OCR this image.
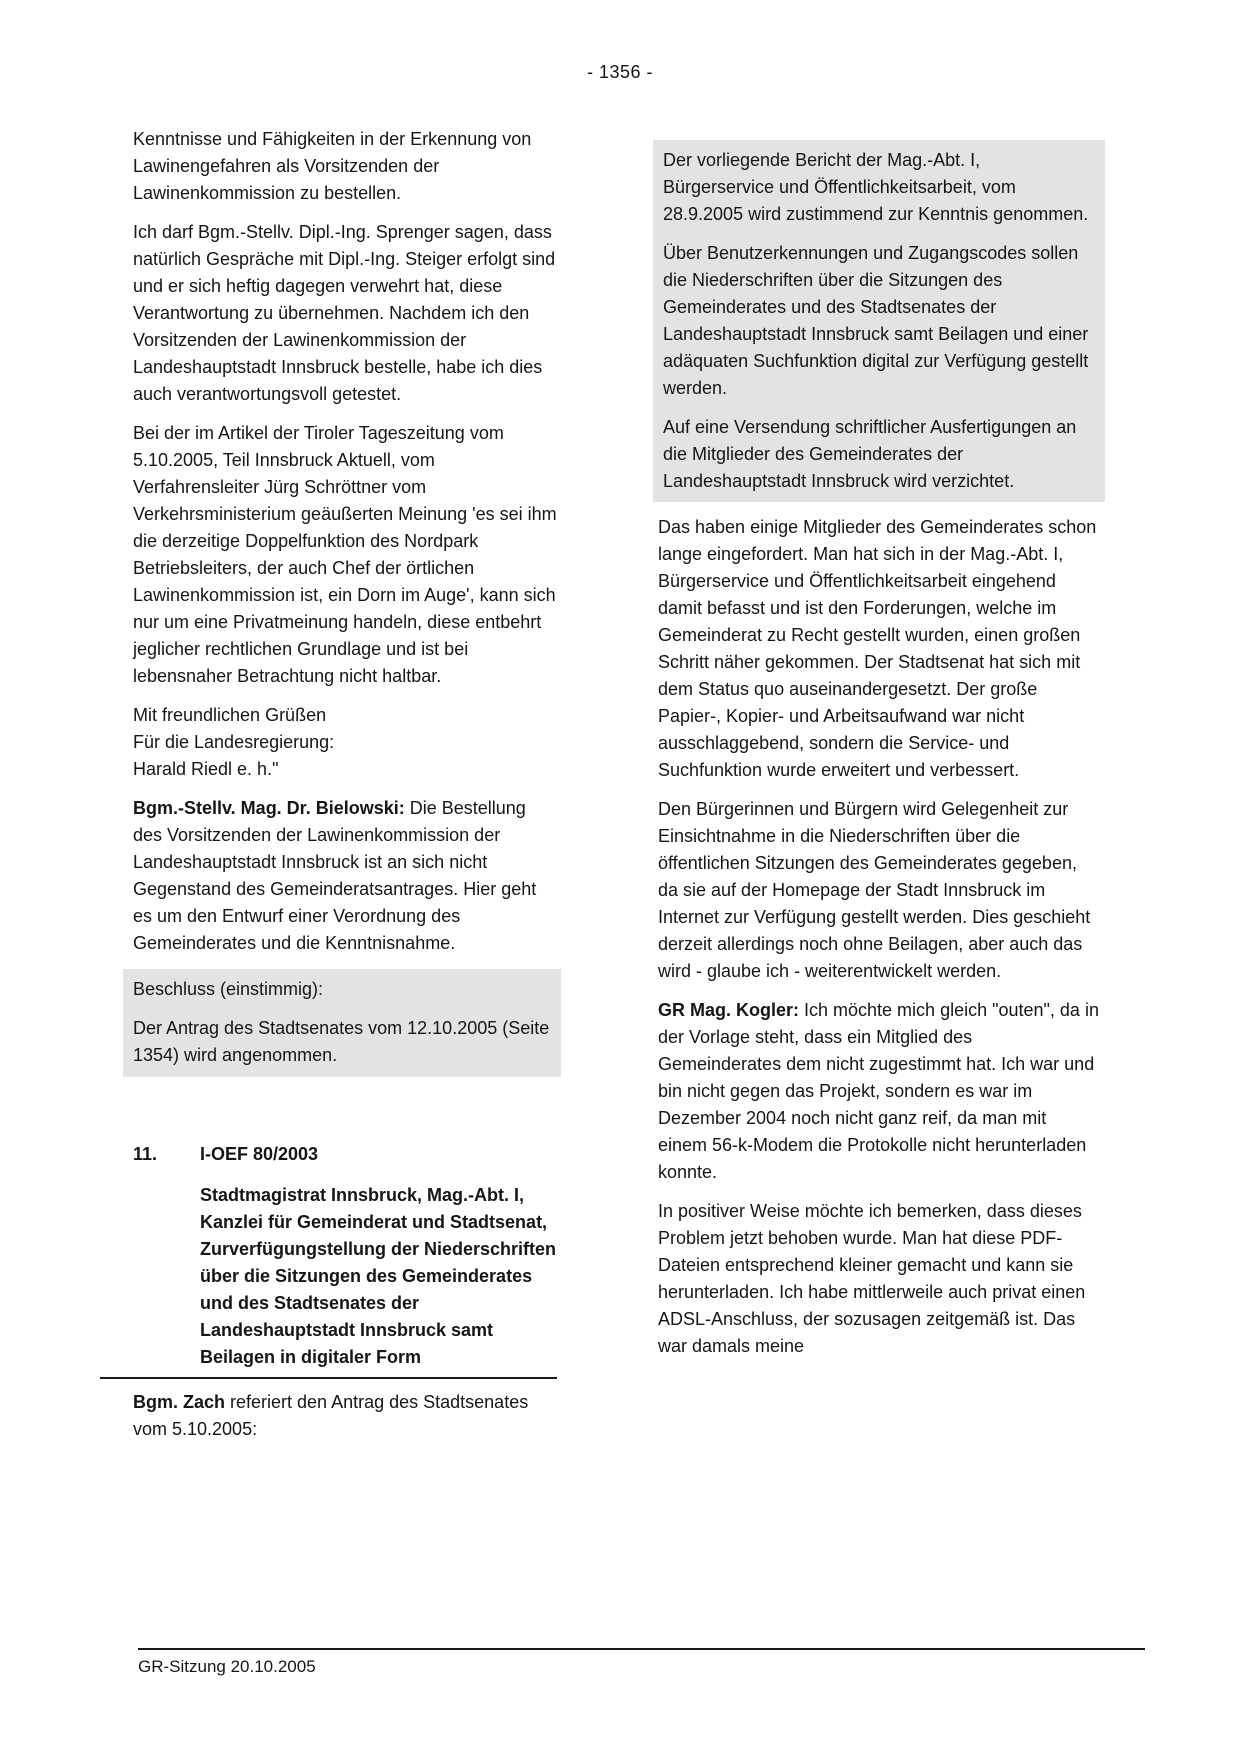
- 1356 -

Kenntnisse und Fähigkeiten in der Erkennung von Lawinengefahren als Vorsitzenden der Lawinenkommission zu bestellen.

Ich darf Bgm.-Stellv. Dipl.-Ing. Sprenger sagen, dass natürlich Gespräche mit Dipl.-Ing. Steiger erfolgt sind und er sich heftig dagegen verwehrt hat, diese Verantwortung zu übernehmen. Nachdem ich den Vorsitzenden der Lawinenkommission der Landeshauptstadt Innsbruck bestelle, habe ich dies auch verantwortungsvoll getestet.

Bei der im Artikel der Tiroler Tageszeitung vom 5.10.2005, Teil Innsbruck Aktuell, vom Verfahrensleiter Jürg Schröttner vom Verkehrsministerium geäußerten Meinung 'es sei ihm die derzeitige Doppelfunktion des Nordpark Betriebsleiters, der auch Chef der örtlichen Lawinenkommission ist, ein Dorn im Auge', kann sich nur um eine Privatmeinung handeln, diese entbehrt jeglicher rechtlichen Grundlage und ist bei lebensnaher Betrachtung nicht haltbar.

Mit freundlichen Grüßen
Für die Landesregierung:
Harald Riedl e. h."

Bgm.-Stellv. Mag. Dr. Bielowski: Die Bestellung des Vorsitzenden der Lawinenkommission der Landeshauptstadt Innsbruck ist an sich nicht Gegenstand des Gemeinderatsantrages. Hier geht es um den Entwurf einer Verordnung des Gemeinderates und die Kenntnisnahme.

Beschluss (einstimmig):

Der Antrag des Stadtsenates vom 12.10.2005 (Seite 1354) wird angenommen.

11.	I-OEF 80/2003
Stadtmagistrat Innsbruck, Mag.-Abt. I, Kanzlei für Gemeinderat und Stadtsenat, Zurverfügungstellung der Niederschriften über die Sitzungen des Gemeinderates und des Stadtsenates der Landeshauptstadt Innsbruck samt Beilagen in digitaler Form

Bgm. Zach referiert den Antrag des Stadtsenates vom 5.10.2005:

Der vorliegende Bericht der Mag.-Abt. I, Bürgerservice und Öffentlichkeitsarbeit, vom 28.9.2005 wird zustimmend zur Kenntnis genommen.

Über Benutzerkennungen und Zugangscodes sollen die Niederschriften über die Sitzungen des Gemeinderates und des Stadtsenates der Landeshauptstadt Innsbruck samt Beilagen und einer adäquaten Suchfunktion digital zur Verfügung gestellt werden.

Auf eine Versendung schriftlicher Ausfertigungen an die Mitglieder des Gemeinderates der Landeshauptstadt Innsbruck wird verzichtet.

Das haben einige Mitglieder des Gemeinderates schon lange eingefordert. Man hat sich in der Mag.-Abt. I, Bürgerservice und Öffentlichkeitsarbeit eingehend damit befasst und ist den Forderungen, welche im Gemeinderat zu Recht gestellt wurden, einen großen Schritt näher gekommen. Der Stadtsenat hat sich mit dem Status quo auseinandergesetzt. Der große Papier-, Kopier- und Arbeitsaufwand war nicht ausschlaggebend, sondern die Service- und Suchfunktion wurde erweitert und verbessert.

Den Bürgerinnen und Bürgern wird Gelegenheit zur Einsichtnahme in die Niederschriften über die öffentlichen Sitzungen des Gemeinderates gegeben, da sie auf der Homepage der Stadt Innsbruck im Internet zur Verfügung gestellt werden. Dies geschieht derzeit allerdings noch ohne Beilagen, aber auch das wird - glaube ich - weiterentwickelt werden.

GR Mag. Kogler: Ich möchte mich gleich "outen", da in der Vorlage steht, dass ein Mitglied des Gemeinderates dem nicht zugestimmt hat. Ich war und bin nicht gegen das Projekt, sondern es war im Dezember 2004 noch nicht ganz reif, da man mit einem 56-k-Modem die Protokolle nicht herunterladen konnte.

In positiver Weise möchte ich bemerken, dass dieses Problem jetzt behoben wurde. Man hat diese PDF-Dateien entsprechend kleiner gemacht und kann sie herunterladen. Ich habe mittlerweile auch privat einen ADSL-Anschluss, der sozusagen zeitgemäß ist. Das war damals meine

GR-Sitzung 20.10.2005
